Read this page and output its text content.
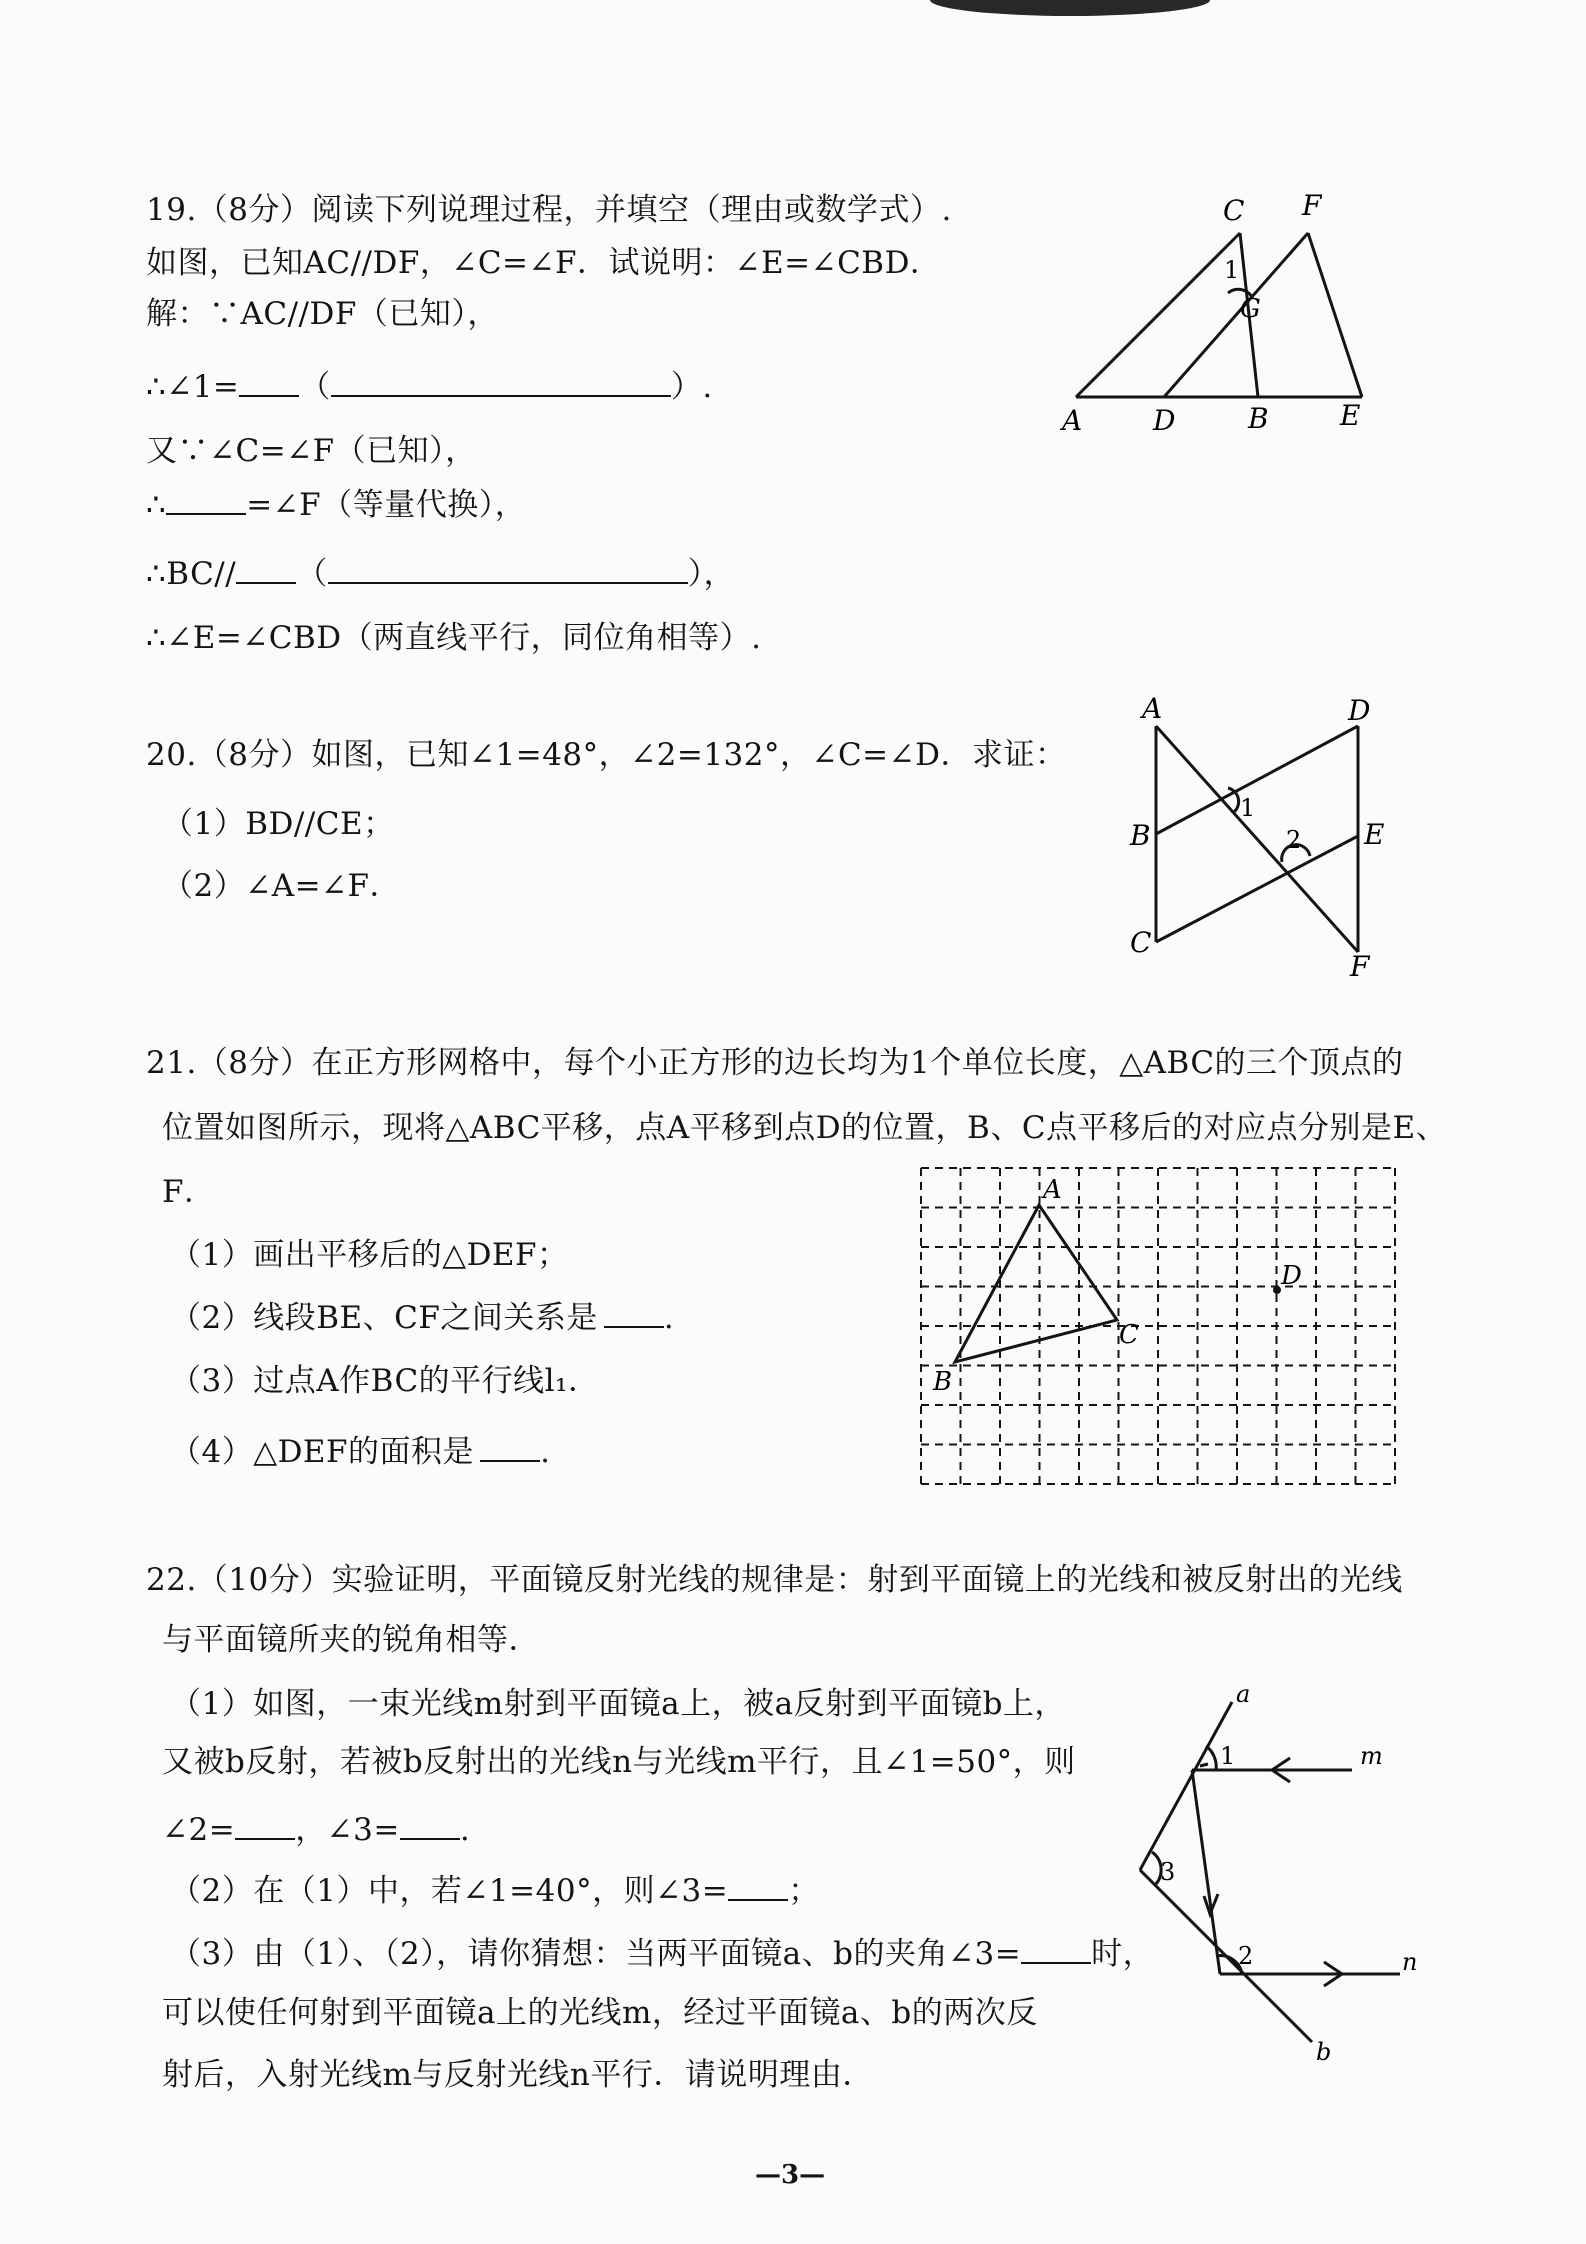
19.（8分）阅读下列说理过程，并填空（理由或数学式）.
如图，已知AC//DF，∠C=∠F．试说明：∠E=∠CBD．
解：∵AC//DF（已知），
∴∠1= （	）.
又∵∠C=∠F（已知），
∴	=∠F（等量代换），
∴BC// （	），
∴∠E=∠CBD（两直线平行，同位角相等）.
C F
1
G
A	D	B	E
20.（8分）如图，已知∠1=48°，∠2=132°，∠C=∠D．求证：
（1）BD//CE；
（2）∠A=∠F．
A	D
B
1
2 E
C
F
21.（8分）在正方形网格中，每个小正方形的边长均为1个单位长度，△ABC的三个顶点的
位置如图所示，现将△ABC平移，点A平移到点D的位置，B、C点平移后的对应点分别是E、
F．
（1）画出平移后的△DEF；
（2）线段BE、CF之间关系是 .
（3）过点A作BC的平行线l₁．
（4）△DEF的面积是 .
A
D
C
B
22.（10分）实验证明，平面镜反射光线的规律是：射到平面镜上的光线和被反射出的光线
与平面镜所夹的锐角相等．
（1）如图，一束光线m射到平面镜a上，被a反射到平面镜b上，
又被b反射，若被b反射出的光线n与光线m平行，且∠1=50°，则
∠2= ，∠3= .
（2）在（1）中，若∠1=40°，则∠3= ；
（3）由（1）、（2），请你猜想：当两平面镜a、b的夹角∠3= 时，
可以使任何射到平面镜a上的光线m，经过平面镜a、b的两次反
射后，入射光线m与反射光线n平行．请说明理由．
a
1	m
3
2	n
b
—3—
